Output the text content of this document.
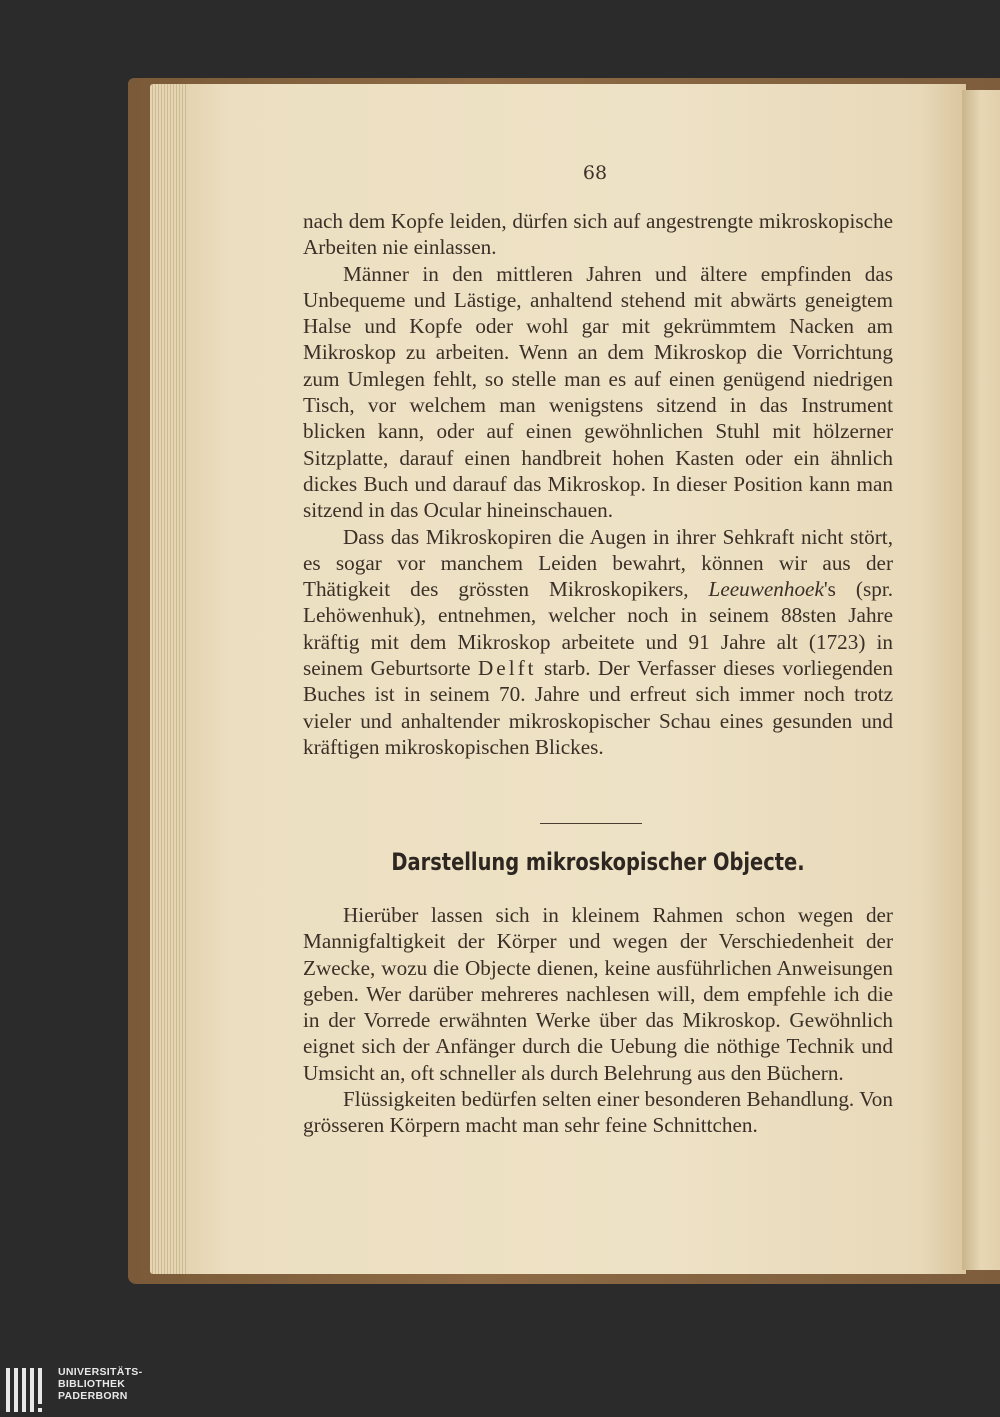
68

nach dem Kopfe leiden, dürfen sich auf angestrengte mikroskopische Arbeiten nie einlassen.

Männer in den mittleren Jahren und ältere empfinden das Unbequeme und Lästige, anhaltend stehend mit abwärts geneigtem Halse und Kopfe oder wohl gar mit gekrümmtem Nacken am Mikroskop zu arbeiten. Wenn an dem Mikroskop die Vorrichtung zum Umlegen fehlt, so stelle man es auf einen genügend niedrigen Tisch, vor welchem man wenigstens sitzend in das Instrument blicken kann, oder auf einen gewöhnlichen Stuhl mit hölzerner Sitzplatte, darauf einen handbreit hohen Kasten oder ein ähnlich dickes Buch und darauf das Mikroskop. In dieser Position kann man sitzend in das Ocular hineinschauen.

Dass das Mikroskopiren die Augen in ihrer Sehkraft nicht stört, es sogar vor manchem Leiden bewahrt, können wir aus der Thätigkeit des grössten Mikroskopikers, Leeuwenhoek's (spr. Lehöwenhuk), entnehmen, welcher noch in seinem 88sten Jahre kräftig mit dem Mikroskop arbeitete und 91 Jahre alt (1723) in seinem Geburtsorte Delft starb. Der Verfasser dieses vorliegenden Buches ist in seinem 70. Jahre und erfreut sich immer noch trotz vieler und anhaltender mikroskopischer Schau eines gesunden und kräftigen mikroskopischen Blickes.

Darstellung mikroskopischer Objecte.

Hierüber lassen sich in kleinem Rahmen schon wegen der Mannigfaltigkeit der Körper und wegen der Verschiedenheit der Zwecke, wozu die Objecte dienen, keine ausführlichen Anweisungen geben. Wer darüber mehreres nachlesen will, dem empfehle ich die in der Vorrede erwähnten Werke über das Mikroskop. Gewöhnlich eignet sich der Anfänger durch die Uebung die nöthige Technik und Umsicht an, oft schneller als durch Belehrung aus den Büchern.

Flüssigkeiten bedürfen selten einer besonderen Behandlung. Von grösseren Körpern macht man sehr feine Schnittchen.

UNIVERSITÄTS-
BIBLIOTHEK
PADERBORN
